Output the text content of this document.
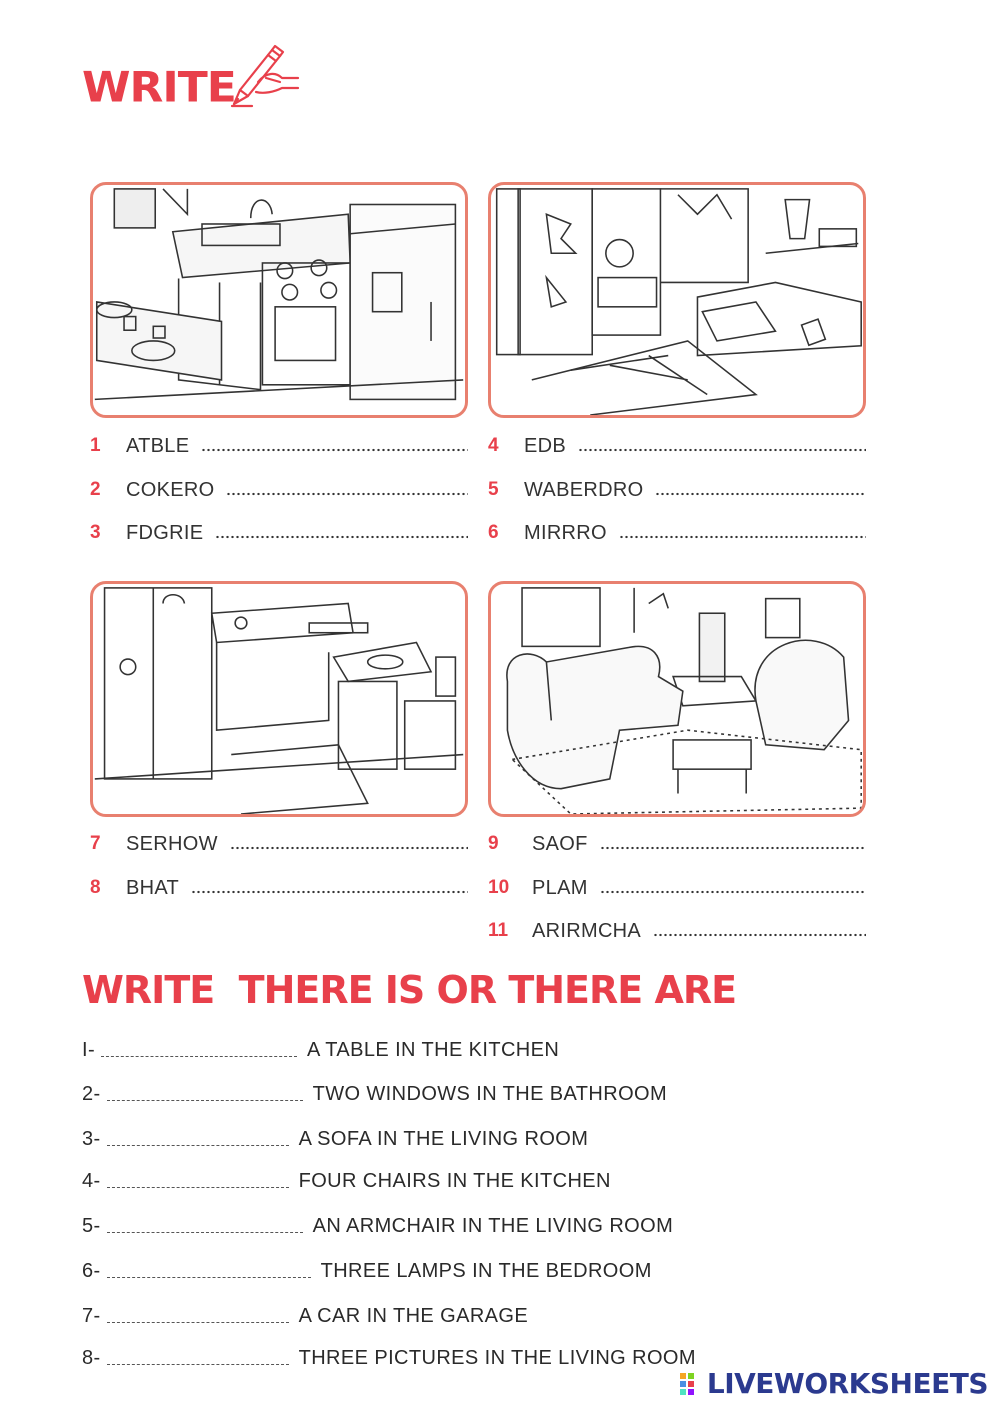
WRITE
1	ATBLE
2	COKERO
3	FDGRIE
4	EDB
5	WABERDRO
6	MIRRRO
7	SERHOW
8	BHAT
9	SAOF
10	PLAM
11	ARIRMCHA
WRITE  THERE IS OR THERE ARE
I-	A TABLE IN THE KITCHEN
2-	TWO WINDOWS IN THE BATHROOM
3-	A SOFA IN THE LIVING ROOM
4-	FOUR CHAIRS IN THE KITCHEN
5-	AN ARMCHAIR IN THE LIVING ROOM
6-	THREE LAMPS IN THE BEDROOM
7-	A CAR IN THE GARAGE
8-	THREE PICTURES IN THE LIVING ROOM
LIVEWORKSHEETS
